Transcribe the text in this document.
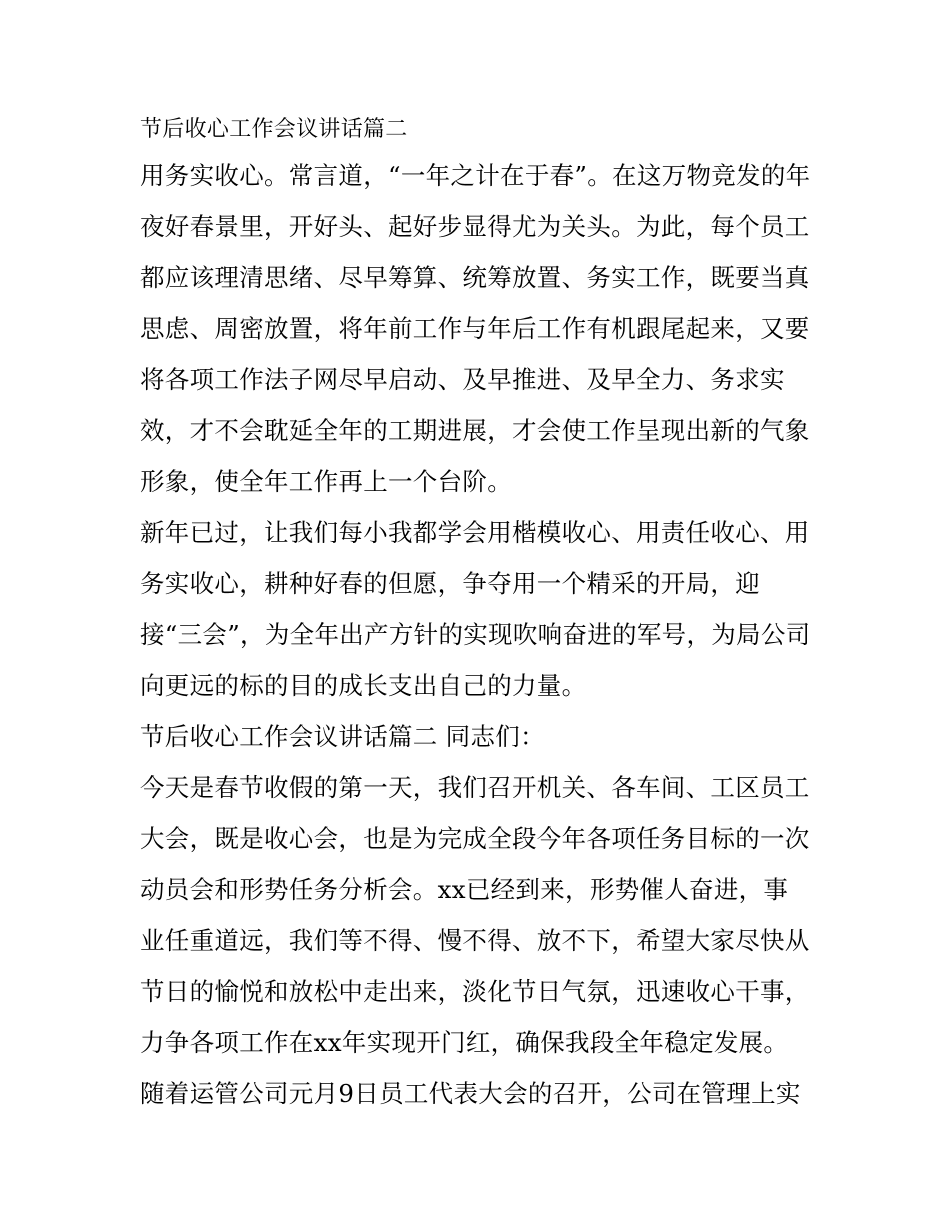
节后收心工作会议讲话篇二
用务实收心。常言道，“一年之计在于春”。在这万物竞发的年
夜好春景里，开好头、起好步显得尤为关头。为此，每个员工
都应该理清思绪、尽早筹算、统筹放置、务实工作，既要当真
思虑、周密放置，将年前工作与年后工作有机跟尾起来，又要
将各项工作法子网尽早启动、及早推进、及早全力、务求实
效，才不会耽延全年的工期进展，才会使工作呈现出新的气象
形象，使全年工作再上一个台阶。
新年已过，让我们每小我都学会用楷模收心、用责任收心、用
务实收心，耕种好春的但愿，争夺用一个精采的开局，迎
接“三会”，为全年出产方针的实现吹响奋进的军号，为局公司
向更远的标的目的成长支出自己的力量。
节后收心工作会议讲话篇二 同志们：
今天是春节收假的第一天，我们召开机关、各车间、工区员工
大会，既是收心会，也是为完成全段今年各项任务目标的一次
动员会和形势任务分析会。xx已经到来，形势催人奋进，事
业任重道远，我们等不得、慢不得、放不下，希望大家尽快从
节日的愉悦和放松中走出来，淡化节日气氛，迅速收心干事，
力争各项工作在xx年实现开门红，确保我段全年稳定发展。
随着运管公司元月9日员工代表大会的召开，公司在管理上实
